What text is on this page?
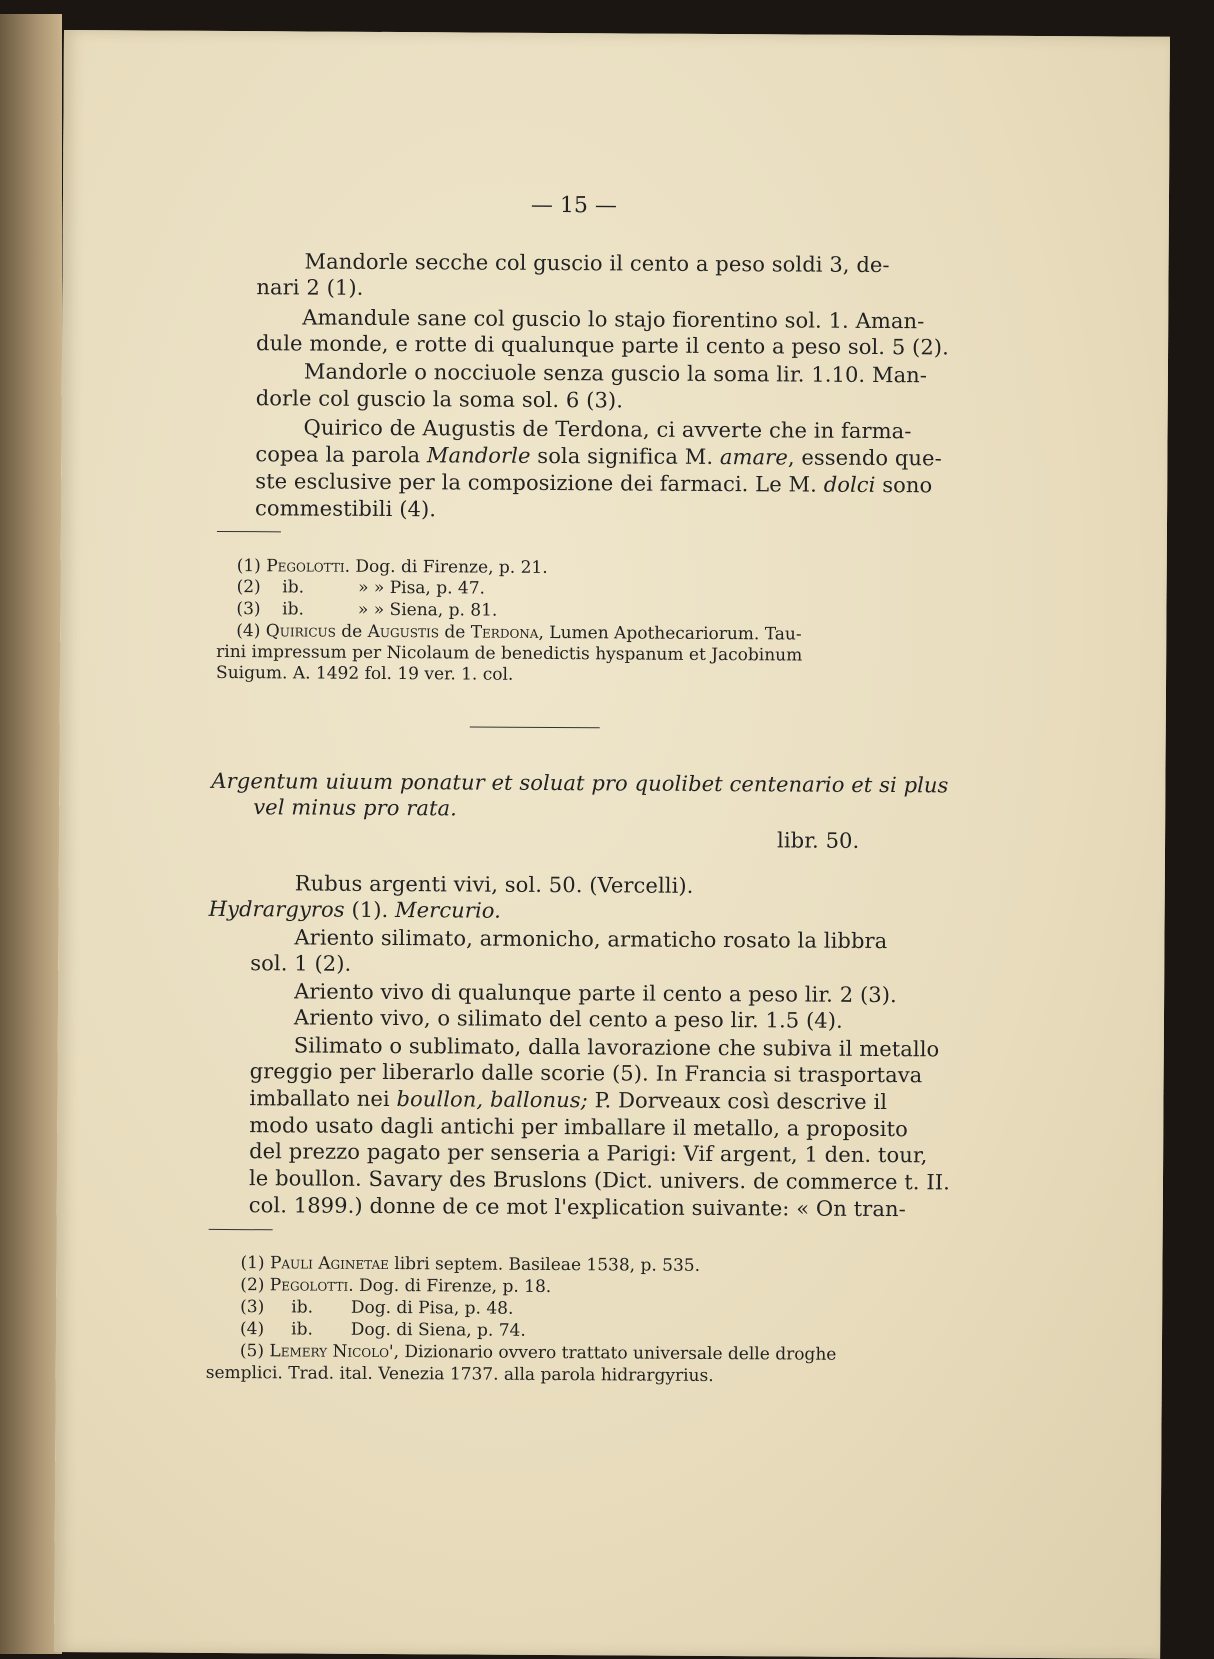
— 15 —
Mandorle secche col guscio il cento a peso soldi 3, de-
nari 2 (1).
Amandule sane col guscio lo stajo fiorentino sol. 1. Aman-
dule monde, e rotte di qualunque parte il cento a peso sol. 5 (2).
Mandorle o nocciuole senza guscio la soma lir. 1.10. Man-
dorle col guscio la soma sol. 6 (3).
Quirico de Augustis de Terdona, ci avverte che in farma-
copea la parola Mandorle sola significa M. amare, essendo que-
ste esclusive per la composizione dei farmaci. Le M. dolci sono
commestibili (4).
(1) Pegolotti. Dog. di Firenze, p. 21.
(2) ib.	» » Pisa, p. 47.
(3) ib.	» » Siena, p. 81.
(4) Quiricus de Augustis de Terdona, Lumen Apothecariorum. Tau-
rini impressum per Nicolaum de benedictis hyspanum et Jacobinum
Suigum. A. 1492 fol. 19 ver. 1. col.
Argentum uiuum ponatur et soluat pro quolibet centenario et si plus
vel minus pro rata.
libr. 50.
Rubus argenti vivi, sol. 50. (Vercelli).
Hydrargyros (1). Mercurio.
Ariento silimato, armonicho, armaticho rosato la libbra
sol. 1 (2).
Ariento vivo di qualunque parte il cento a peso lir. 2 (3).
Ariento vivo, o silimato del cento a peso lir. 1.5 (4).
Silimato o sublimato, dalla lavorazione che subiva il metallo
greggio per liberarlo dalle scorie (5). In Francia si trasportava
imballato nei boullon, ballonus; P. Dorveaux così descrive il
modo usato dagli antichi per imballare il metallo, a proposito
del prezzo pagato per senseria a Parigi: Vif argent, 1 den. tour,
le boullon. Savary des Bruslons (Dict. univers. de commerce t. II.
col. 1899.) donne de ce mot l'explication suivante: « On tran-
(1) Pauli Aginetae libri septem. Basileae 1538, p. 535.
(2) Pegolotti. Dog. di Firenze, p. 18.
(3) ib. Dog. di Pisa, p. 48.
(4) ib. Dog. di Siena, p. 74.
(5) Lemery Nicolo', Dizionario ovvero trattato universale delle droghe
semplici. Trad. ital. Venezia 1737. alla parola hidrargyrius.
